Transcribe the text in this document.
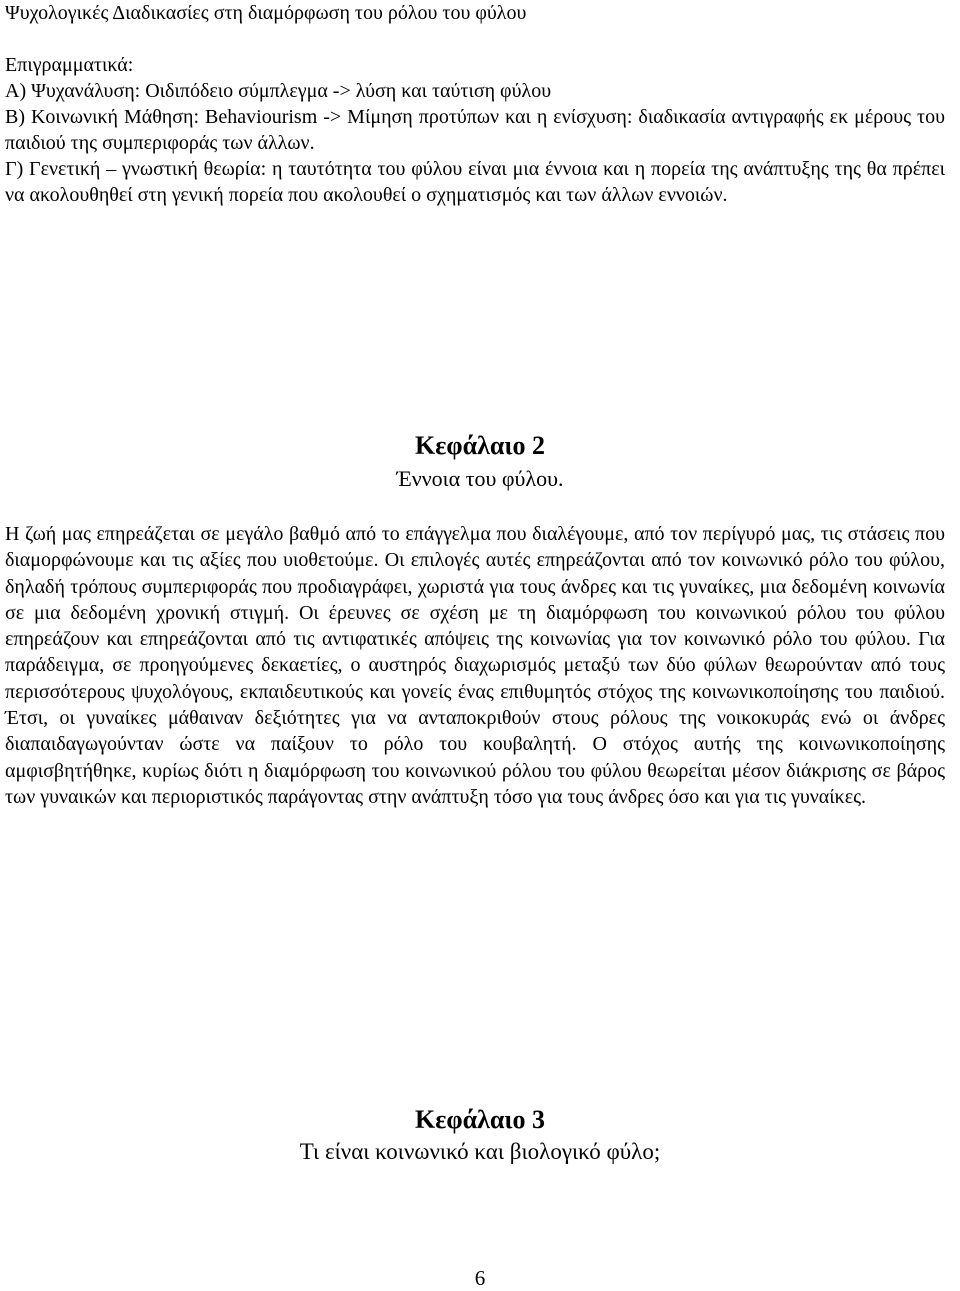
Ψυχολογικές Διαδικασίες στη διαμόρφωση του ρόλου του φύλου

Επιγραμματικά:

Α) Ψυχανάλυση: Οιδιπόδειο σύμπλεγμα -> λύση και ταύτιση φύλου

Β) Κοινωνική Μάθηση: Behaviourism -> Μίμηση προτύπων και η ενίσχυση: διαδικασία αντιγραφής εκ μέρους του παιδιού της συμπεριφοράς των άλλων.

Γ) Γενετική – γνωστική θεωρία: η ταυτότητα του φύλου είναι μια έννοια και η πορεία της ανάπτυξης της θα πρέπει να ακολουθηθεί στη γενική πορεία που ακολουθεί ο σχηματισμός και των άλλων εννοιών.

Κεφάλαιο 2
Έννοια του φύλου.

Η ζωή μας επηρεάζεται σε μεγάλο βαθμό από το επάγγελμα που διαλέγουμε, από τον περίγυρό μας, τις στάσεις που διαμορφώνουμε και τις αξίες που υιοθετούμε. Οι επιλογές αυτές επηρεάζονται από τον κοινωνικό ρόλο του φύλου, δηλαδή τρόπους συμπεριφοράς που προδιαγράφει, χωριστά για τους άνδρες και τις γυναίκες, μια δεδομένη κοινωνία σε μια δεδομένη χρονική στιγμή. Οι έρευνες σε σχέση με τη διαμόρφωση του κοινωνικού ρόλου του φύλου επηρεάζουν και επηρεάζονται από τις αντιφατικές απόψεις της κοινωνίας για τον κοινωνικό ρόλο του φύλου. Για παράδειγμα, σε προηγούμενες δεκαετίες, ο αυστηρός διαχωρισμός μεταξύ των δύο φύλων θεωρούνταν από τους περισσότερους ψυχολόγους, εκπαιδευτικούς και γονείς ένας επιθυμητός στόχος της κοινωνικοποίησης του παιδιού. Έτσι, οι γυναίκες μάθαιναν δεξιότητες για να ανταποκριθούν στους ρόλους της νοικοκυράς ενώ οι άνδρες διαπαιδαγωγούνταν ώστε να παίξουν το ρόλο του κουβαλητή. Ο στόχος αυτής της κοινωνικοποίησης αμφισβητήθηκε, κυρίως διότι η διαμόρφωση του κοινωνικού ρόλου του φύλου θεωρείται μέσον διάκρισης σε βάρος των γυναικών και περιοριστικός παράγοντας στην ανάπτυξη τόσο για τους άνδρες όσο και για τις γυναίκες.

Κεφάλαιο 3
Τι είναι κοινωνικό και βιολογικό φύλο;
6
